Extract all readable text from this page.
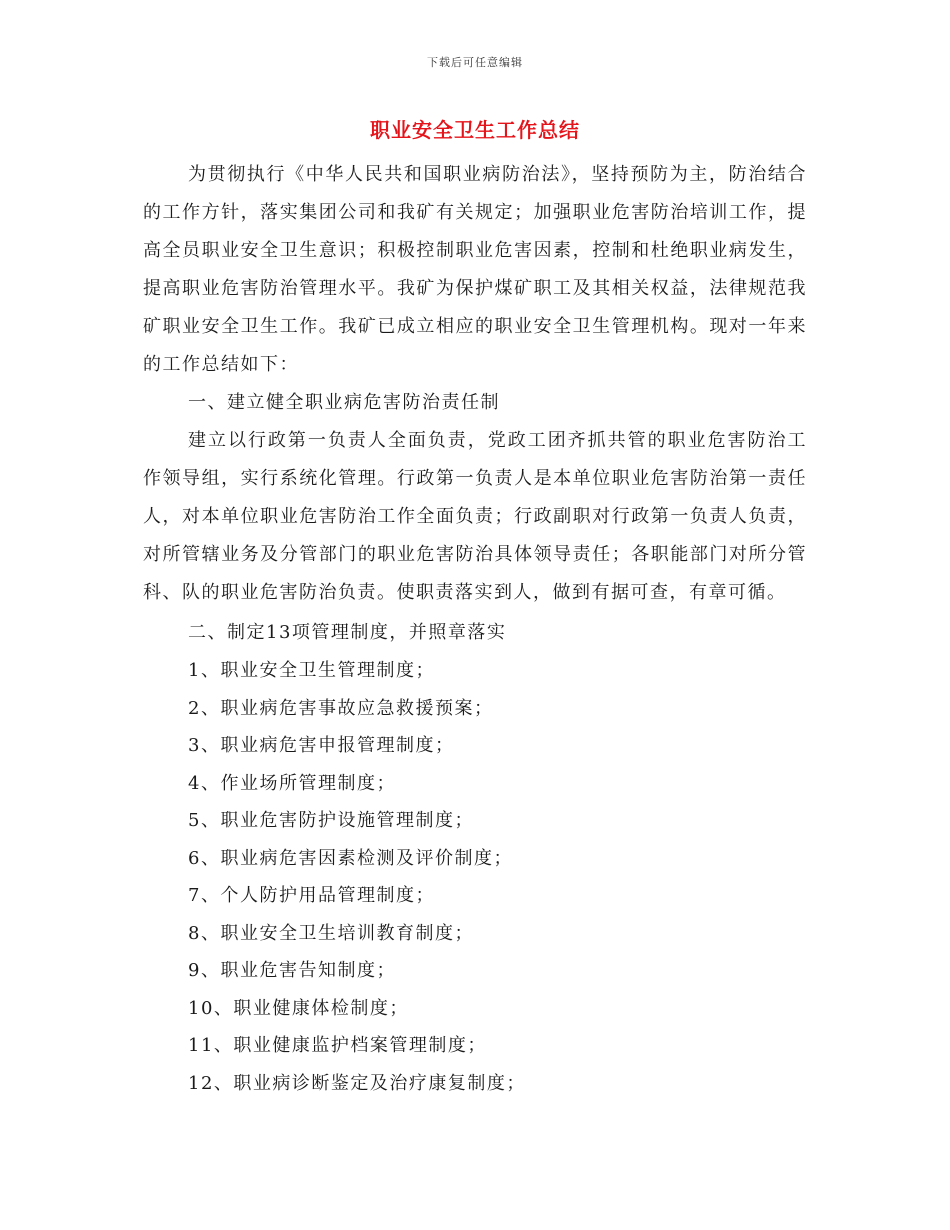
下载后可任意编辑
职业安全卫生工作总结

为贯彻执行《中华人民共和国职业病防治法》，坚持预防为主，防治结合的工作方针，落实集团公司和我矿有关规定；加强职业危害防治培训工作，提高全员职业安全卫生意识；积极控制职业危害因素，控制和杜绝职业病发生，提高职业危害防治管理水平。我矿为保护煤矿职工及其相关权益，法律规范我矿职业安全卫生工作。我矿已成立相应的职业安全卫生管理机构。现对一年来的工作总结如下：

一、建立健全职业病危害防治责任制

建立以行政第一负责人全面负责，党政工团齐抓共管的职业危害防治工作领导组，实行系统化管理。行政第一负责人是本单位职业危害防治第一责任人，对本单位职业危害防治工作全面负责；行政副职对行政第一负责人负责，对所管辖业务及分管部门的职业危害防治具体领导责任；各职能部门对所分管科、队的职业危害防治负责。使职责落实到人，做到有据可查，有章可循。

二、制定13项管理制度，并照章落实

1、职业安全卫生管理制度；

2、职业病危害事故应急救援预案；

3、职业病危害申报管理制度；

4、作业场所管理制度；

5、职业危害防护设施管理制度；

6、职业病危害因素检测及评价制度；

7、个人防护用品管理制度；

8、职业安全卫生培训教育制度；

9、职业危害告知制度；

10、职业健康体检制度；

11、职业健康监护档案管理制度；

12、职业病诊断鉴定及治疗康复制度；
